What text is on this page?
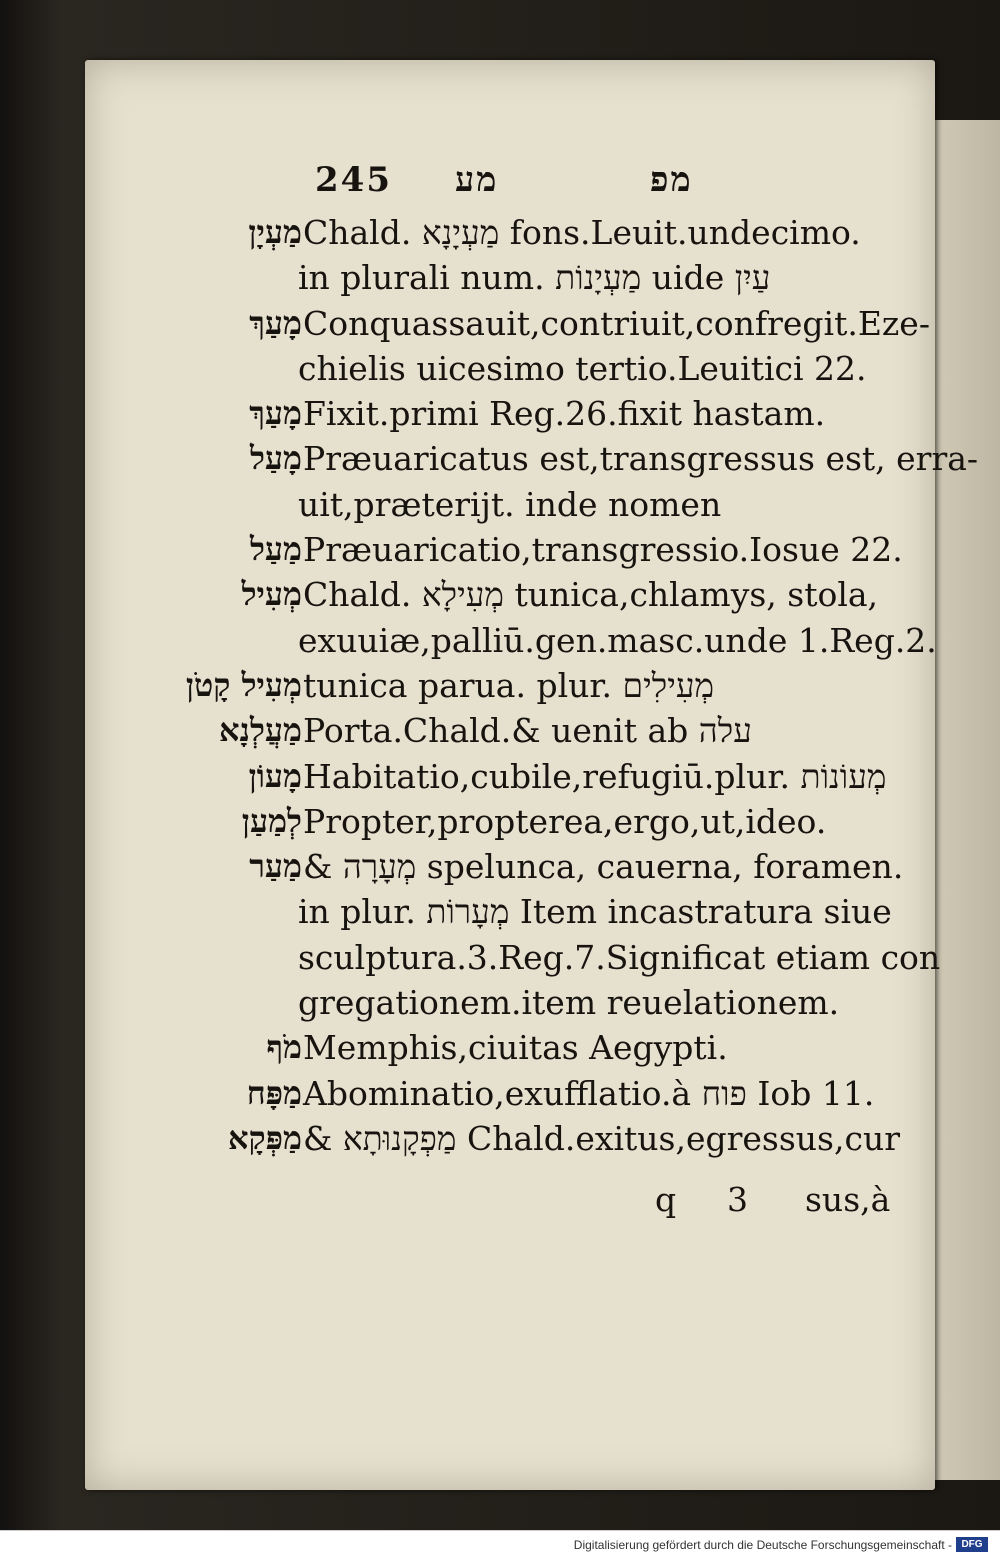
245 מע	מפ
מַעְיָן Chald. מַעְיָנָא fons.Leuit.undecimo.
in plurali num. מַעְיָנוֹת uide עַיִן
מָעַךְ Conquassauit,contriuit,confregit.Eze-
chielis uicesimo tertio.Leuitici 22.
מָעַךְ Fixit.primi Reg.26.fixit hastam.
מָעַל Præuaricatus est,transgressus est, erra-
uit,præterijt. inde nomen
מַעַל Præuaricatio,transgressio.Iosue 22.
מְעִיל Chald. מְעִילָא tunica,chlamys, stola,
exuuiæ,palliū.gen.masc.unde 1.Reg.2.
מְעִיל קָטֹן tunica parua. plur. מְעִילִים
מַעֲלְנָא Porta.Chald.& uenit ab עלה
מָעוֹן Habitatio,cubile,refugiū.plur. מְעוֹנוֹת
לְמַעַן Propter,propterea,ergo,ut,ideo.
מַעַר & מְעָרָה spelunca, cauerna, foramen.
in plur. מְעָרוֹת Item incastratura siue
sculptura.3.Reg.7.Significat etiam con
gregationem.item reuelationem.
מֹף Memphis,ciuitas Aegypti.
מַפָּח Abominatio,exufflatio.à פוח Iob 11.
מַפְּקָא & מַפְקָנוּתָא Chald.exitus,egressus,cur
q 3 sus,à
Digitalisierung gefördert durch die Deutsche Forschungsgemeinschaft - DFG
